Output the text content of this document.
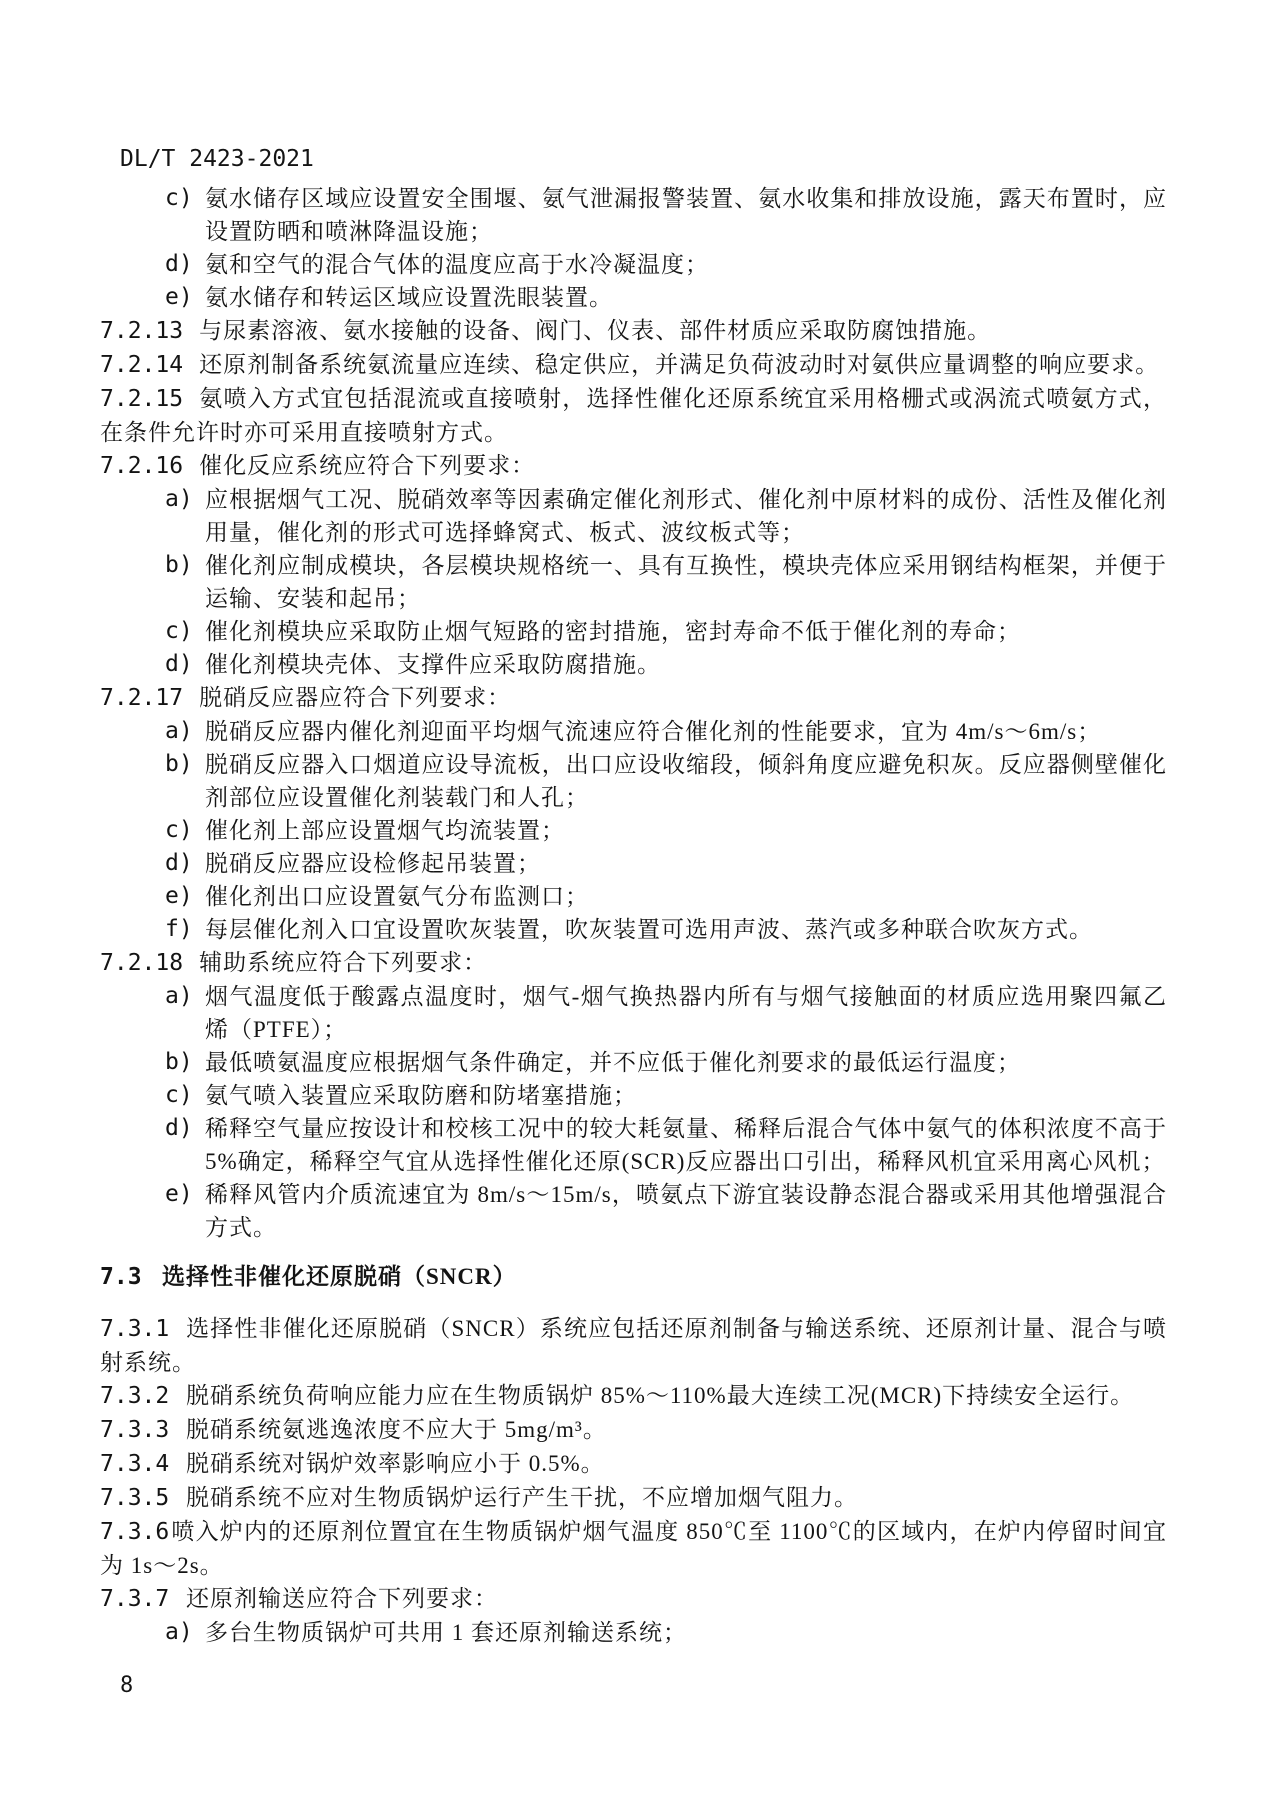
DL/T 2423-2021

c) 氨水储存区域应设置安全围堰、氨气泄漏报警装置、氨水收集和排放设施，露天布置时，应设置防晒和喷淋降温设施；

d) 氨和空气的混合气体的温度应高于水冷凝温度；

e) 氨水储存和转运区域应设置洗眼装置。

7.2.13 与尿素溶液、氨水接触的设备、阀门、仪表、部件材质应采取防腐蚀措施。

7.2.14 还原剂制备系统氨流量应连续、稳定供应，并满足负荷波动时对氨供应量调整的响应要求。

7.2.15 氨喷入方式宜包括混流或直接喷射，选择性催化还原系统宜采用格栅式或涡流式喷氨方式，在条件允许时亦可采用直接喷射方式。

7.2.16 催化反应系统应符合下列要求：

a) 应根据烟气工况、脱硝效率等因素确定催化剂形式、催化剂中原材料的成份、活性及催化剂用量，催化剂的形式可选择蜂窝式、板式、波纹板式等；

b) 催化剂应制成模块，各层模块规格统一、具有互换性，模块壳体应采用钢结构框架，并便于运输、安装和起吊；

c) 催化剂模块应采取防止烟气短路的密封措施，密封寿命不低于催化剂的寿命；

d) 催化剂模块壳体、支撑件应采取防腐措施。

7.2.17 脱硝反应器应符合下列要求：

a) 脱硝反应器内催化剂迎面平均烟气流速应符合催化剂的性能要求，宜为 4m/s～6m/s；

b) 脱硝反应器入口烟道应设导流板，出口应设收缩段，倾斜角度应避免积灰。反应器侧壁催化剂部位应设置催化剂装载门和人孔；

c) 催化剂上部应设置烟气均流装置；

d) 脱硝反应器应设检修起吊装置；

e) 催化剂出口应设置氨气分布监测口；

f) 每层催化剂入口宜设置吹灰装置，吹灰装置可选用声波、蒸汽或多种联合吹灰方式。

7.2.18 辅助系统应符合下列要求：

a) 烟气温度低于酸露点温度时，烟气-烟气换热器内所有与烟气接触面的材质应选用聚四氟乙烯（PTFE）；

b) 最低喷氨温度应根据烟气条件确定，并不应低于催化剂要求的最低运行温度；

c) 氨气喷入装置应采取防磨和防堵塞措施；

d) 稀释空气量应按设计和校核工况中的较大耗氨量、稀释后混合气体中氨气的体积浓度不高于5%确定，稀释空气宜从选择性催化还原(SCR)反应器出口引出，稀释风机宜采用离心风机；

e) 稀释风管内介质流速宜为 8m/s～15m/s，喷氨点下游宜装设静态混合器或采用其他增强混合方式。

7.3 选择性非催化还原脱硝（SNCR）

7.3.1 选择性非催化还原脱硝（SNCR）系统应包括还原剂制备与输送系统、还原剂计量、混合与喷射系统。

7.3.2 脱硝系统负荷响应能力应在生物质锅炉 85%～110%最大连续工况(MCR)下持续安全运行。

7.3.3 脱硝系统氨逃逸浓度不应大于 5mg/m³。

7.3.4 脱硝系统对锅炉效率影响应小于 0.5%。

7.3.5 脱硝系统不应对生物质锅炉运行产生干扰，不应增加烟气阻力。

7.3.6喷入炉内的还原剂位置宜在生物质锅炉烟气温度 850℃至 1100℃的区域内，在炉内停留时间宜为 1s～2s。

7.3.7 还原剂输送应符合下列要求：

a) 多台生物质锅炉可共用 1 套还原剂输送系统；

8
